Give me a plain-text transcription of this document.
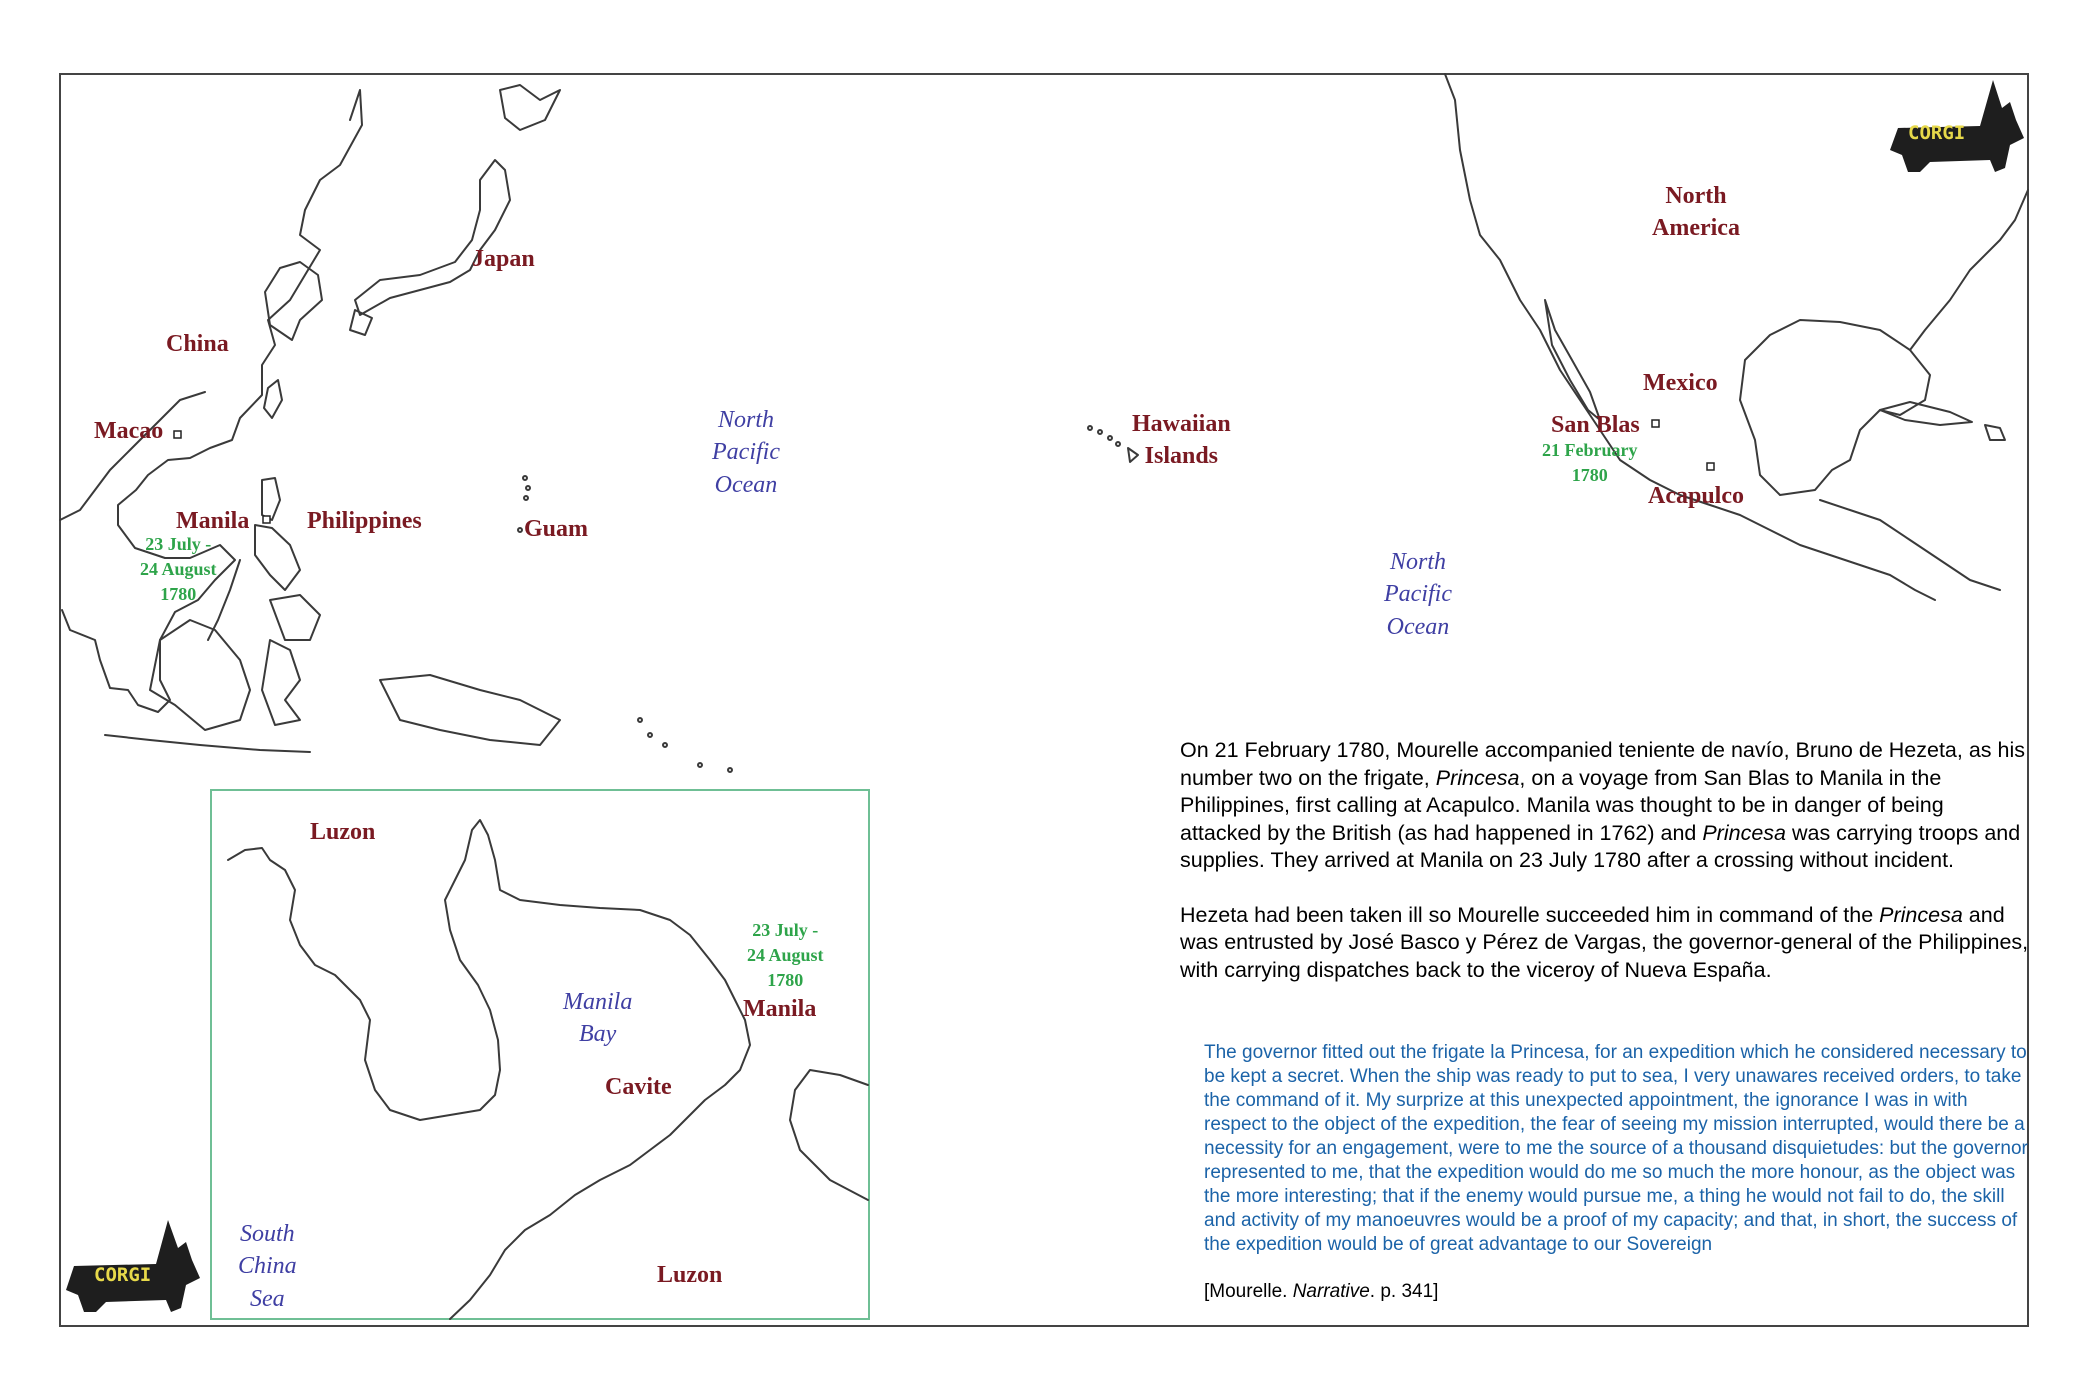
CORGI
CORGI
Japan
China
Macao
Manila Philippines	Guam
Hawaiian
Islands
North
America
Mexico
San Blas
Acapulco
North
Pacific
Ocean
North
Pacific
Ocean
23 July -
24 August
1780
21 February
1780
Luzon
Luzon
Manila
Bay
Manila
Cavite
South
China
Sea
23 July -
24 August
1780

On 21 February 1780, Mourelle accompanied teniente de navío, Bruno de Hezeta, as his number two on the frigate, Princesa, on a voyage from San Blas to Manila in the Philippines, first calling at Acapulco. Manila was thought to be in danger of being attacked by the British (as had happened in 1762) and Princesa was carrying troops and supplies. They arrived at Manila on 23 July 1780 after a crossing without incident.

Hezeta had been taken ill so Mourelle succeeded him in command of the Princesa and was entrusted by José Basco y Pérez de Vargas, the governor-general of the Philippines, with carrying dispatches back to the viceroy of Nueva España.

The governor fitted out the frigate la Princesa, for an expedition which he considered necessary to be kept a secret. When the ship was ready to put to sea, I very unawares received orders, to take the command of it. My surprize at this unexpected appointment, the ignorance I was in with respect to the object of the expedition, the fear of seeing my mission interrupted, would there be a necessity for an engagement, were to me the source of a thousand disquietudes: but the governor represented to me, that the expedition would do me so much the more honour, as the object was the more interesting; that if the enemy would pursue me, a thing he would not fail to do, the skill and activity of my manoeuvres would be a proof of my capacity; and that, in short, the success of the expedition would be of great advantage to our Sovereign
[Mourelle. Narrative. p. 341]
